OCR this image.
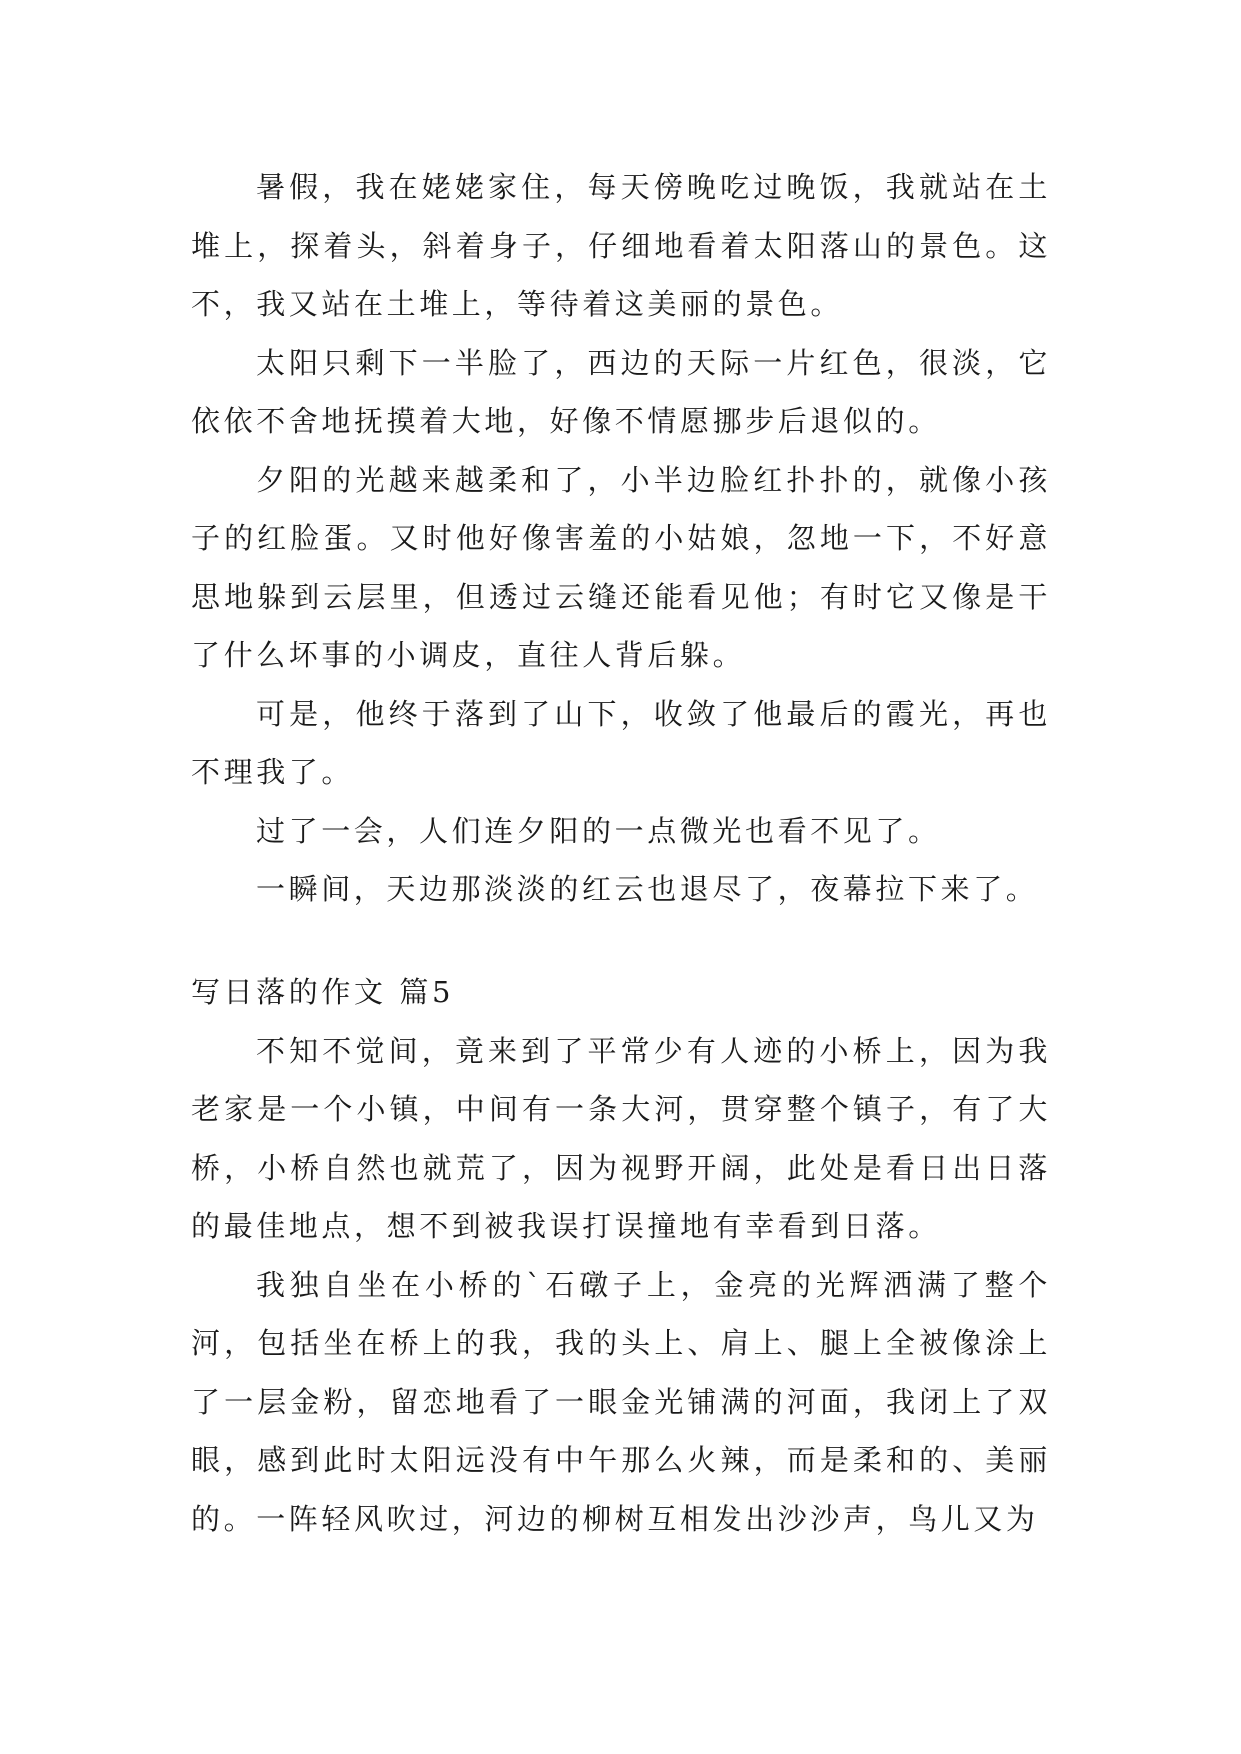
暑假，我在姥姥家住，每天傍晚吃过晚饭，我就站在土堆上，探着头，斜着身子，仔细地看着太阳落山的景色。这不，我又站在土堆上，等待着这美丽的景色。

太阳只剩下一半脸了，西边的天际一片红色，很淡，它依依不舍地抚摸着大地，好像不情愿挪步后退似的。

夕阳的光越来越柔和了，小半边脸红扑扑的，就像小孩子的红脸蛋。又时他好像害羞的小姑娘，忽地一下，不好意思地躲到云层里，但透过云缝还能看见他；有时它又像是干了什么坏事的小调皮，直往人背后躲。

可是，他终于落到了山下，收敛了他最后的霞光，再也不理我了。

过了一会，人们连夕阳的一点微光也看不见了。

一瞬间，天边那淡淡的红云也退尽了，夜幕拉下来了。

写日落的作文 篇5

不知不觉间，竟来到了平常少有人迹的小桥上，因为我老家是一个小镇，中间有一条大河，贯穿整个镇子，有了大桥，小桥自然也就荒了，因为视野开阔，此处是看日出日落的最佳地点，想不到被我误打误撞地有幸看到日落。

我独自坐在小桥的`石礅子上，金亮的光辉洒满了整个河，包括坐在桥上的我，我的头上、肩上、腿上全被像涂上了一层金粉，留恋地看了一眼金光铺满的河面，我闭上了双眼，感到此时太阳远没有中午那么火辣，而是柔和的、美丽的。一阵轻风吹过，河边的柳树互相发出沙沙声，鸟儿又为
